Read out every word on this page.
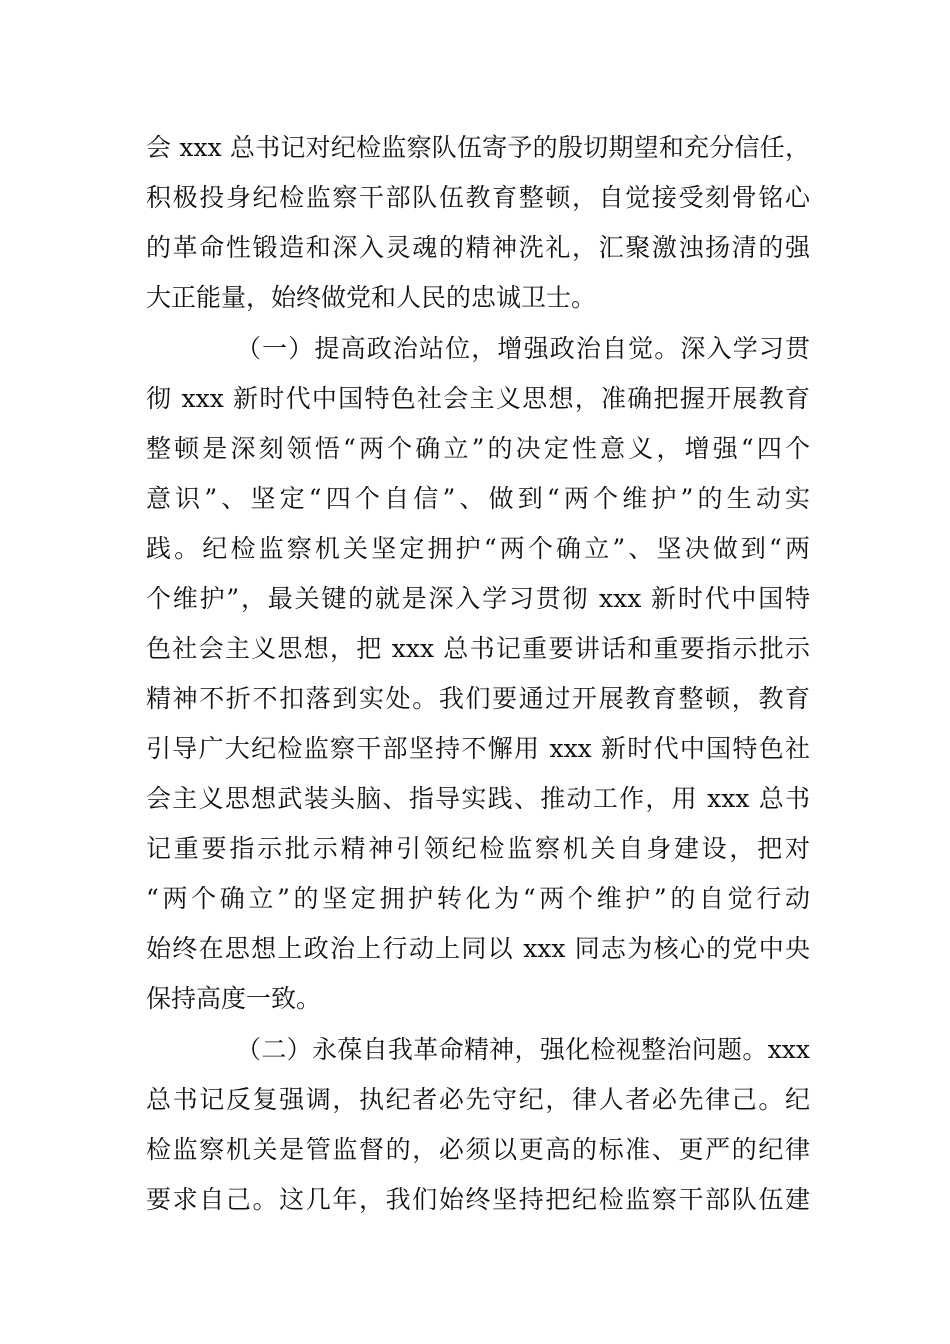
会 xxx 总书记对纪检监察队伍寄予的殷切期望和充分信任，
积极投身纪检监察干部队伍教育整顿，自觉接受刻骨铭心
的革命性锻造和深入灵魂的精神洗礼，汇聚激浊扬清的强
大正能量，始终做党和人民的忠诚卫士。
（一）提高政治站位，增强政治自觉。深入学习贯
彻 xxx 新时代中国特色社会主义思想，准确把握开展教育
整顿是深刻领悟“两个确立”的决定性意义，增强“四个
意识”、坚定“四个自信”、做到“两个维护”的生动实
践。纪检监察机关坚定拥护“两个确立”、坚决做到“两
个维护”，最关键的就是深入学习贯彻 xxx 新时代中国特
色社会主义思想，把 xxx 总书记重要讲话和重要指示批示
精神不折不扣落到实处。我们要通过开展教育整顿，教育
引导广大纪检监察干部坚持不懈用 xxx 新时代中国特色社
会主义思想武装头脑、指导实践、推动工作，用 xxx 总书
记重要指示批示精神引领纪检监察机关自身建设，把对
“两个确立”的坚定拥护转化为“两个维护”的自觉行动
始终在思想上政治上行动上同以 xxx 同志为核心的党中央
保持高度一致。
（二）永葆自我革命精神，强化检视整治问题。xxx
总书记反复强调，执纪者必先守纪，律人者必先律己。纪
检监察机关是管监督的，必须以更高的标准、更严的纪律
要求自己。这几年，我们始终坚持把纪检监察干部队伍建
